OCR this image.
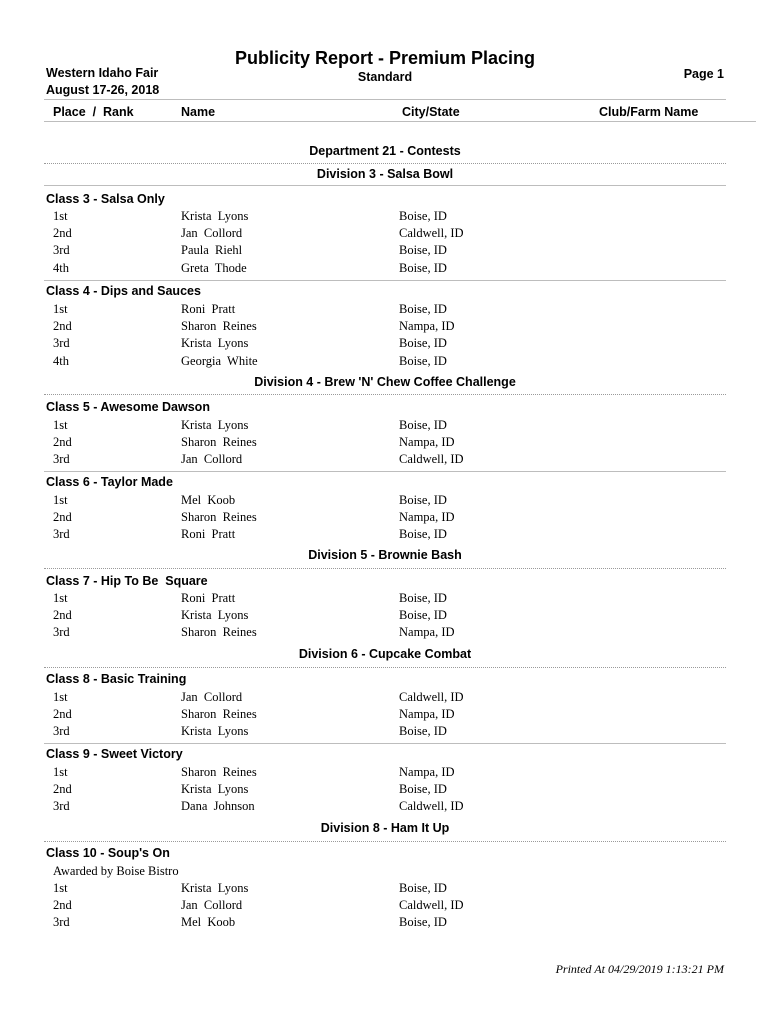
Publicity Report - Premium Placing
Standard
Western Idaho Fair
August 17-26, 2018
Page 1
Place  /  Rank	Name	City/State	Club/Farm Name
Department 21 - Contests
Division 3 - Salsa Bowl
Class 3 - Salsa Only
1st	Krista  Lyons	Boise, ID
2nd	Jan  Collord	Caldwell, ID
3rd	Paula  Riehl	Boise, ID
4th	Greta  Thode	Boise, ID
Class 4 - Dips and Sauces
1st	Roni  Pratt	Boise, ID
2nd	Sharon  Reines	Nampa, ID
3rd	Krista  Lyons	Boise, ID
4th	Georgia  White	Boise, ID
Division 4 - Brew 'N' Chew Coffee Challenge
Class 5 - Awesome Dawson
1st	Krista  Lyons	Boise, ID
2nd	Sharon  Reines	Nampa, ID
3rd	Jan  Collord	Caldwell, ID
Class 6 - Taylor Made
1st	Mel  Koob	Boise, ID
2nd	Sharon  Reines	Nampa, ID
3rd	Roni  Pratt	Boise, ID
Division 5 - Brownie Bash
Class 7 - Hip To Be  Square
1st	Roni  Pratt	Boise, ID
2nd	Krista  Lyons	Boise, ID
3rd	Sharon  Reines	Nampa, ID
Division 6 - Cupcake Combat
Class 8 - Basic Training
1st	Jan  Collord	Caldwell, ID
2nd	Sharon  Reines	Nampa, ID
3rd	Krista  Lyons	Boise, ID
Class 9 - Sweet Victory
1st	Sharon  Reines	Nampa, ID
2nd	Krista  Lyons	Boise, ID
3rd	Dana  Johnson	Caldwell, ID
Division 8 - Ham It Up
Class 10 - Soup's On
Awarded by Boise Bistro
1st	Krista  Lyons	Boise, ID
2nd	Jan  Collord	Caldwell, ID
3rd	Mel  Koob	Boise, ID
Printed At 04/29/2019 1:13:21 PM
